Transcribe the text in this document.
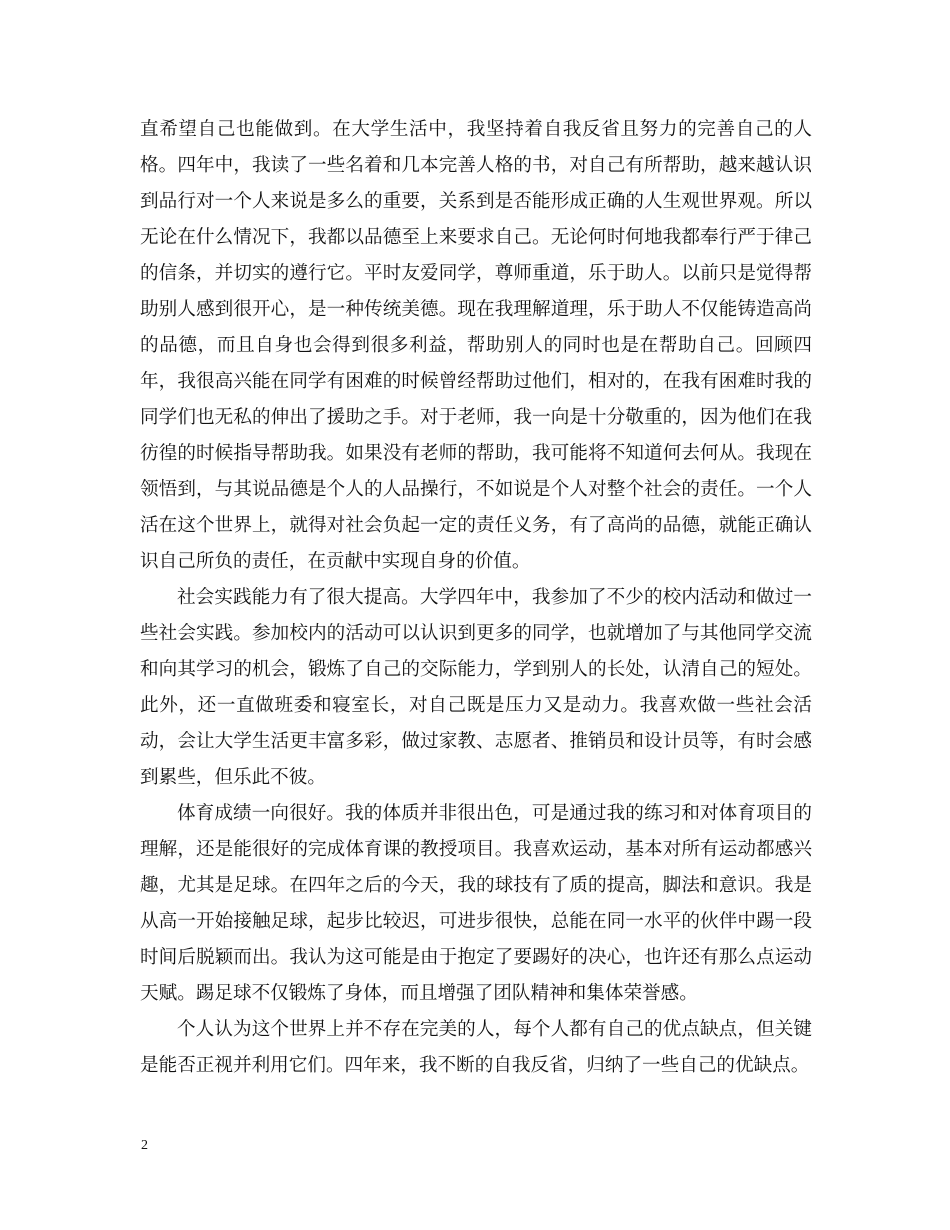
直希望自己也能做到。在大学生活中，我坚持着自我反省且努力的完善自己的人格。四年中，我读了一些名着和几本完善人格的书，对自己有所帮助，越来越认识到品行对一个人来说是多么的重要，关系到是否能形成正确的人生观世界观。所以无论在什么情况下，我都以品德至上来要求自己。无论何时何地我都奉行严于律己的信条，并切实的遵行它。平时友爱同学，尊师重道，乐于助人。以前只是觉得帮助别人感到很开心，是一种传统美德。现在我理解道理，乐于助人不仅能铸造高尚的品德，而且自身也会得到很多利益，帮助别人的同时也是在帮助自己。回顾四年，我很高兴能在同学有困难的时候曾经帮助过他们，相对的，在我有困难时我的同学们也无私的伸出了援助之手。对于老师，我一向是十分敬重的，因为他们在我彷徨的时候指导帮助我。如果没有老师的帮助，我可能将不知道何去何从。我现在领悟到，与其说品德是个人的人品操行，不如说是个人对整个社会的责任。一个人活在这个世界上，就得对社会负起一定的责任义务，有了高尚的品德，就能正确认识自己所负的责任，在贡献中实现自身的价值。

社会实践能力有了很大提高。大学四年中，我参加了不少的校内活动和做过一些社会实践。参加校内的活动可以认识到更多的同学，也就增加了与其他同学交流和向其学习的机会，锻炼了自己的交际能力，学到别人的长处，认清自己的短处。此外，还一直做班委和寝室长，对自己既是压力又是动力。我喜欢做一些社会活动，会让大学生活更丰富多彩，做过家教、志愿者、推销员和设计员等，有时会感到累些，但乐此不彼。

体育成绩一向很好。我的体质并非很出色，可是通过我的练习和对体育项目的理解，还是能很好的完成体育课的教授项目。我喜欢运动，基本对所有运动都感兴趣，尤其是足球。在四年之后的今天，我的球技有了质的提高，脚法和意识。我是从高一开始接触足球，起步比较迟，可进步很快，总能在同一水平的伙伴中踢一段时间后脱颖而出。我认为这可能是由于抱定了要踢好的决心，也许还有那么点运动天赋。踢足球不仅锻炼了身体，而且增强了团队精神和集体荣誉感。

个人认为这个世界上并不存在完美的人，每个人都有自己的优点缺点，但关键是能否正视并利用它们。四年来，我不断的自我反省，归纳了一些自己的优缺点。

2
